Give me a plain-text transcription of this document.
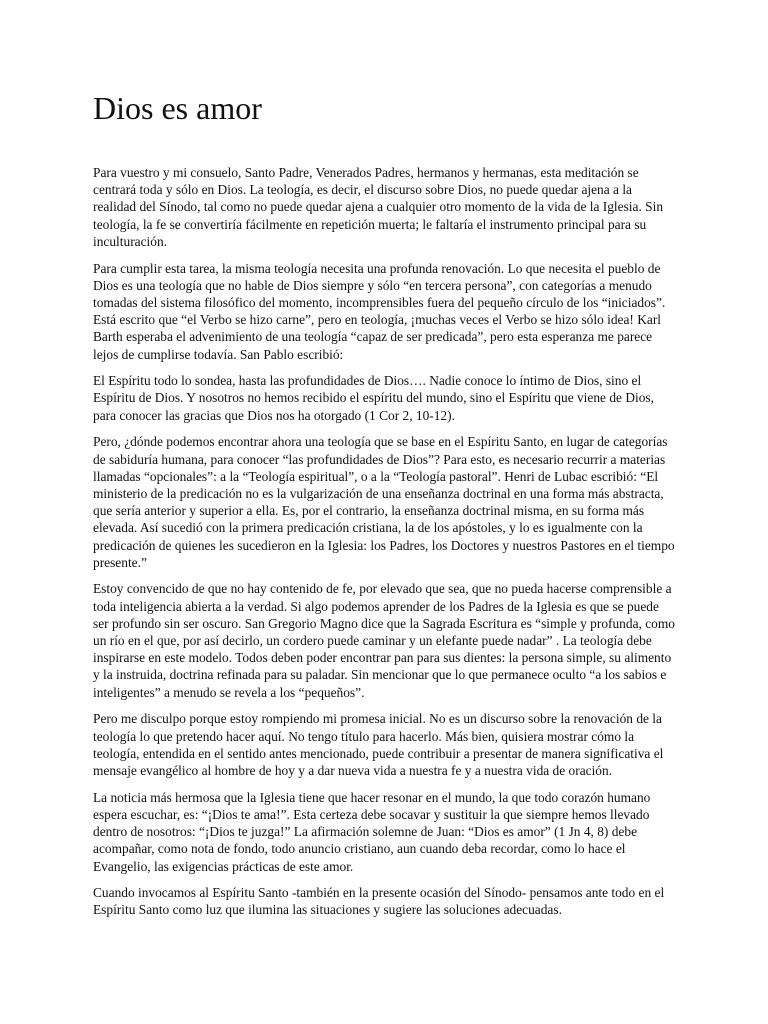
Dios es amor

Para vuestro y mi consuelo, Santo Padre, Venerados Padres, hermanos y hermanas, esta meditación se centrará toda y sólo en Dios. La teología, es decir, el discurso sobre Dios, no puede quedar ajena a la realidad del Sínodo, tal como no puede quedar ajena a cualquier otro momento de la vida de la Iglesia. Sin teología, la fe se convertiría fácilmente en repetición muerta; le faltaría el instrumento principal para su inculturación.

Para cumplir esta tarea, la misma teología necesita una profunda renovación. Lo que necesita el pueblo de Dios es una teología que no hable de Dios siempre y sólo “en tercera persona”, con categorías a menudo tomadas del sistema filosófico del momento, incomprensibles fuera del pequeño círculo de los “iniciados”. Está escrito que “el Verbo se hizo carne”, pero en teología, ¡muchas veces el Verbo se hizo sólo idea! Karl Barth esperaba el advenimiento de una teología “capaz de ser predicada”, pero esta esperanza me parece lejos de cumplirse todavía. San Pablo escribió:

El Espíritu todo lo sondea, hasta las profundidades de Dios…. Nadie conoce lo íntimo de Dios, sino el Espíritu de Dios. Y nosotros no hemos recibido el espíritu del mundo, sino el Espíritu que viene de Dios, para conocer las gracias que Dios nos ha otorgado (1 Cor 2, 10-12).

Pero, ¿dónde podemos encontrar ahora una teología que se base en el Espíritu Santo, en lugar de categorías de sabiduría humana, para conocer “las profundidades de Dios”? Para esto, es necesario recurrir a materias llamadas “opcionales”: a la “Teología espiritual”, o a la “Teología pastoral”. Henri de Lubac escribió: “El ministerio de la predicación no es la vulgarización de una enseñanza doctrinal en una forma más abstracta, que sería anterior y superior a ella. Es, por el contrario, la enseñanza doctrinal misma, en su forma más elevada. Así sucedió con la primera predicación cristiana, la de los apóstoles, y lo es igualmente con la predicación de quienes les sucedieron en la Iglesia: los Padres, los Doctores y nuestros Pastores en el tiempo presente.”

Estoy convencido de que no hay contenido de fe, por elevado que sea, que no pueda hacerse comprensible a toda inteligencia abierta a la verdad. Si algo podemos aprender de los Padres de la Iglesia es que se puede ser profundo sin ser oscuro. San Gregorio Magno dice que la Sagrada Escritura es “simple y profunda, como un río en el que, por así decirlo, un cordero puede caminar y un elefante puede nadar” . La teología debe inspirarse en este modelo. Todos deben poder encontrar pan para sus dientes: la persona simple, su alimento y la instruida, doctrina refinada para su paladar. Sin mencionar que lo que permanece oculto “a los sabios e inteligentes” a menudo se revela a los “pequeños”.

Pero me disculpo porque estoy rompiendo mi promesa inicial. No es un discurso sobre la renovación de la teología lo que pretendo hacer aquí. No tengo título para hacerlo. Más bien, quisiera mostrar cómo la teología, entendida en el sentido antes mencionado, puede contribuir a presentar de manera significativa el mensaje evangélico al hombre de hoy y a dar nueva vida a nuestra fe y a nuestra vida de oración.

La noticia más hermosa que la Iglesia tiene que hacer resonar en el mundo, la que todo corazón humano espera escuchar, es: “¡Dios te ama!”. Esta certeza debe socavar y sustituir la que siempre hemos llevado dentro de nosotros: “¡Dios te juzga!” La afirmación solemne de Juan: “Dios es amor” (1 Jn 4, 8) debe acompañar, como nota de fondo, todo anuncio cristiano, aun cuando deba recordar, como lo hace el Evangelio, las exigencias prácticas de este amor.

Cuando invocamos al Espíritu Santo -también en la presente ocasión del Sínodo- pensamos ante todo en el Espíritu Santo como luz que ilumina las situaciones y sugiere las soluciones adecuadas.
